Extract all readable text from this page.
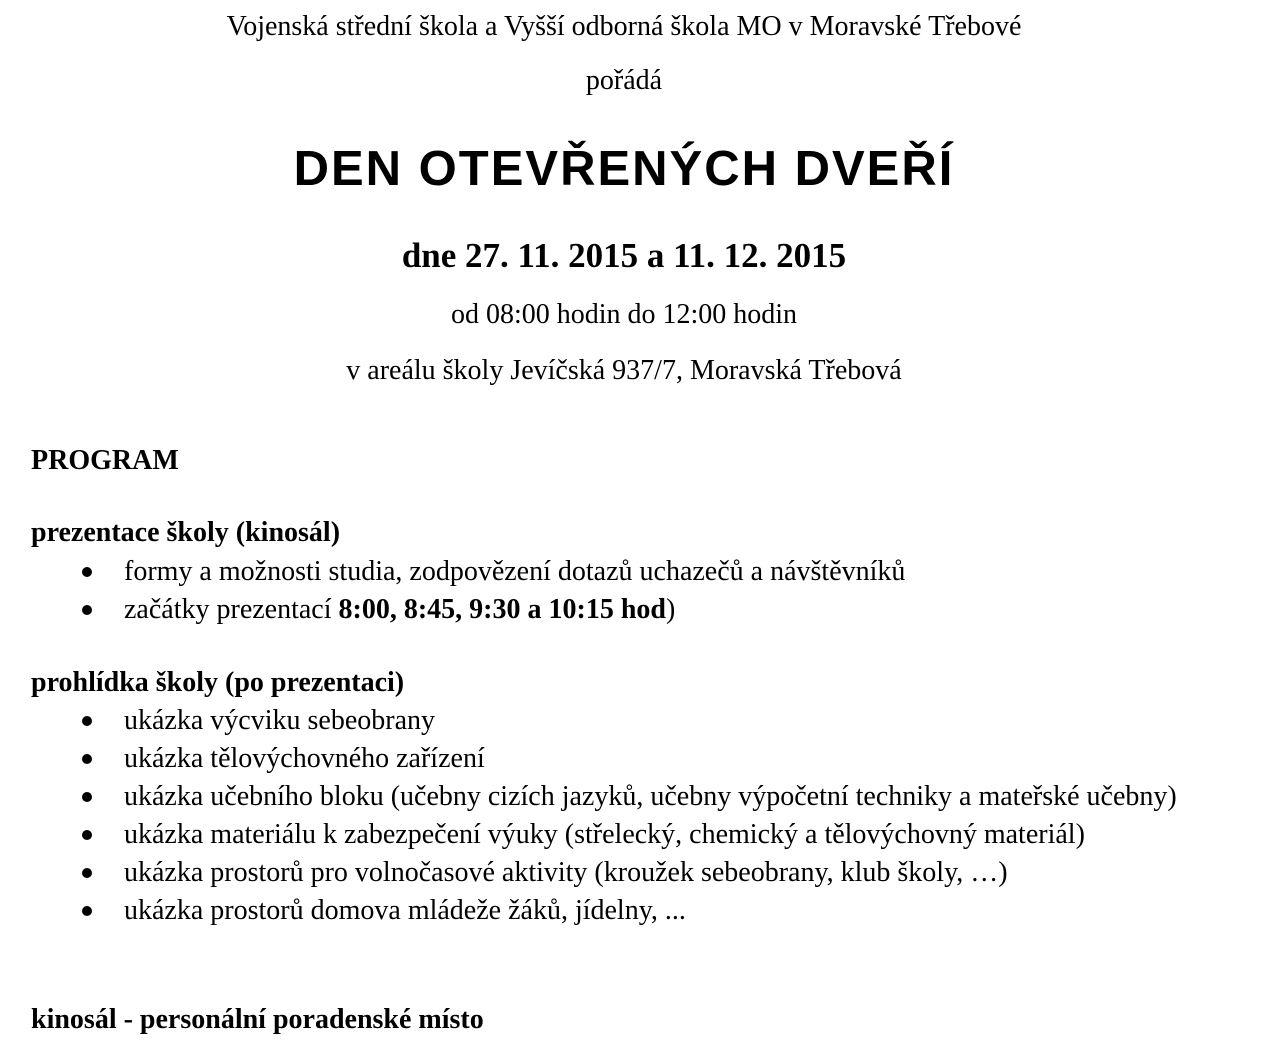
Vojenská střední škola a Vyšší odborná škola MO v Moravské Třebové
pořádá
DEN OTEVŘENÝCH DVEŘÍ
dne 27. 11. 2015 a 11. 12. 2015
od 08:00 hodin do 12:00 hodin
v areálu školy Jevíčská 937/7, Moravská Třebová
PROGRAM
prezentace školy (kinosál)
formy a možnosti studia, zodpovězení dotazů uchazečů a návštěvníků
začátky prezentací 8:00, 8:45, 9:30 a 10:15 hod)
prohlídka školy (po prezentaci)
ukázka výcviku sebeobrany
ukázka tělovýchovného zařízení
ukázka učebního bloku (učebny cizích jazyků, učebny výpočetní techniky a mateřské učebny)
ukázka materiálu k zabezpečení výuky (střelecký, chemický a tělovýchovný materiál)
ukázka prostorů pro volnočasové aktivity (kroužek sebeobrany, klub školy, …)
ukázka prostorů domova mládeže žáků, jídelny, ...
kinosál - personální poradenské místo
